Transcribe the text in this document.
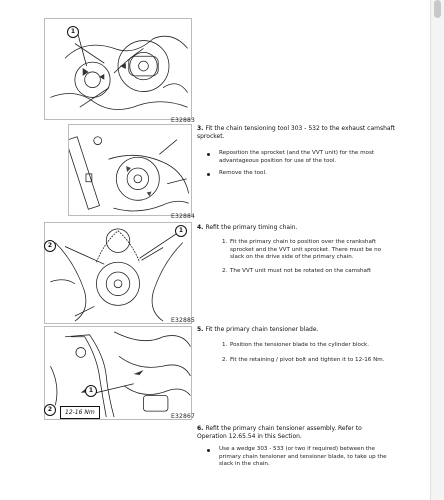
1
E32883
E32884
1
2
E32885
2	12-16 Nm
1
E32867
3. Fit the chain tensioning tool 303 - 532 to the exhaust camshaft sprocket.
Reposition the sprocket (and the VVT unit) for the most advantageous position for use of the tool.
Remove the tool.
4. Refit the primary timing chain.
1. Fit the primary chain to position over the crankshaft sprocket and the VVT unit sprocket. There must be no slack on the drive side of the primary chain.
2. The VVT unit must not be rotated on the camshaft
5. Fit the primary chain tensioner blade.
1. Position the tensioner blade to the cylinder block.
2. Fit the retaining / pivot bolt and tighten it to 12-16 Nm.
6. Refit the primary chain tensioner assembly. Refer to Operation 12.65.54 in this Section.
Use a wedge 303 - 533 (or two if required) between the primary chain tensioner and tensioner blade, to take up the slack in the chain.
